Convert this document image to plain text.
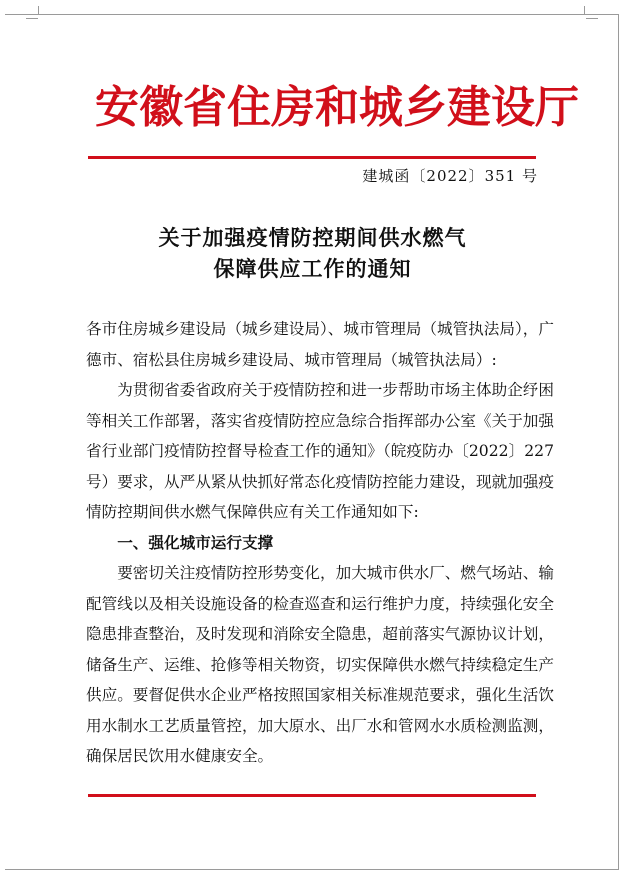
安徽省住房和城乡建设厅
建城函〔2022〕351 号
关于加强疫情防控期间供水燃气
保障供应工作的通知

各市住房城乡建设局（城乡建设局）、城市管理局（城管执法局），广德市、宿松县住房城乡建设局、城市管理局（城管执法局）:

为贯彻省委省政府关于疫情防控和进一步帮助市场主体助企纾困等相关工作部署，落实省疫情防控应急综合指挥部办公室《关于加强省行业部门疫情防控督导检查工作的通知》（皖疫防办〔2022〕227 号）要求，从严从紧从快抓好常态化疫情防控能力建设，现就加强疫情防控期间供水燃气保障供应有关工作通知如下:

一、强化城市运行支撑

要密切关注疫情防控形势变化，加大城市供水厂、燃气场站、输配管线以及相关设施设备的检查巡查和运行维护力度，持续强化安全隐患排查整治，及时发现和消除安全隐患，超前落实气源协议计划，储备生产、运维、抢修等相关物资，切实保障供水燃气持续稳定生产供应。要督促供水企业严格按照国家相关标准规范要求，强化生活饮用水制水工艺质量管控，加大原水、出厂水和管网水水质检测监测，确保居民饮用水健康安全。
